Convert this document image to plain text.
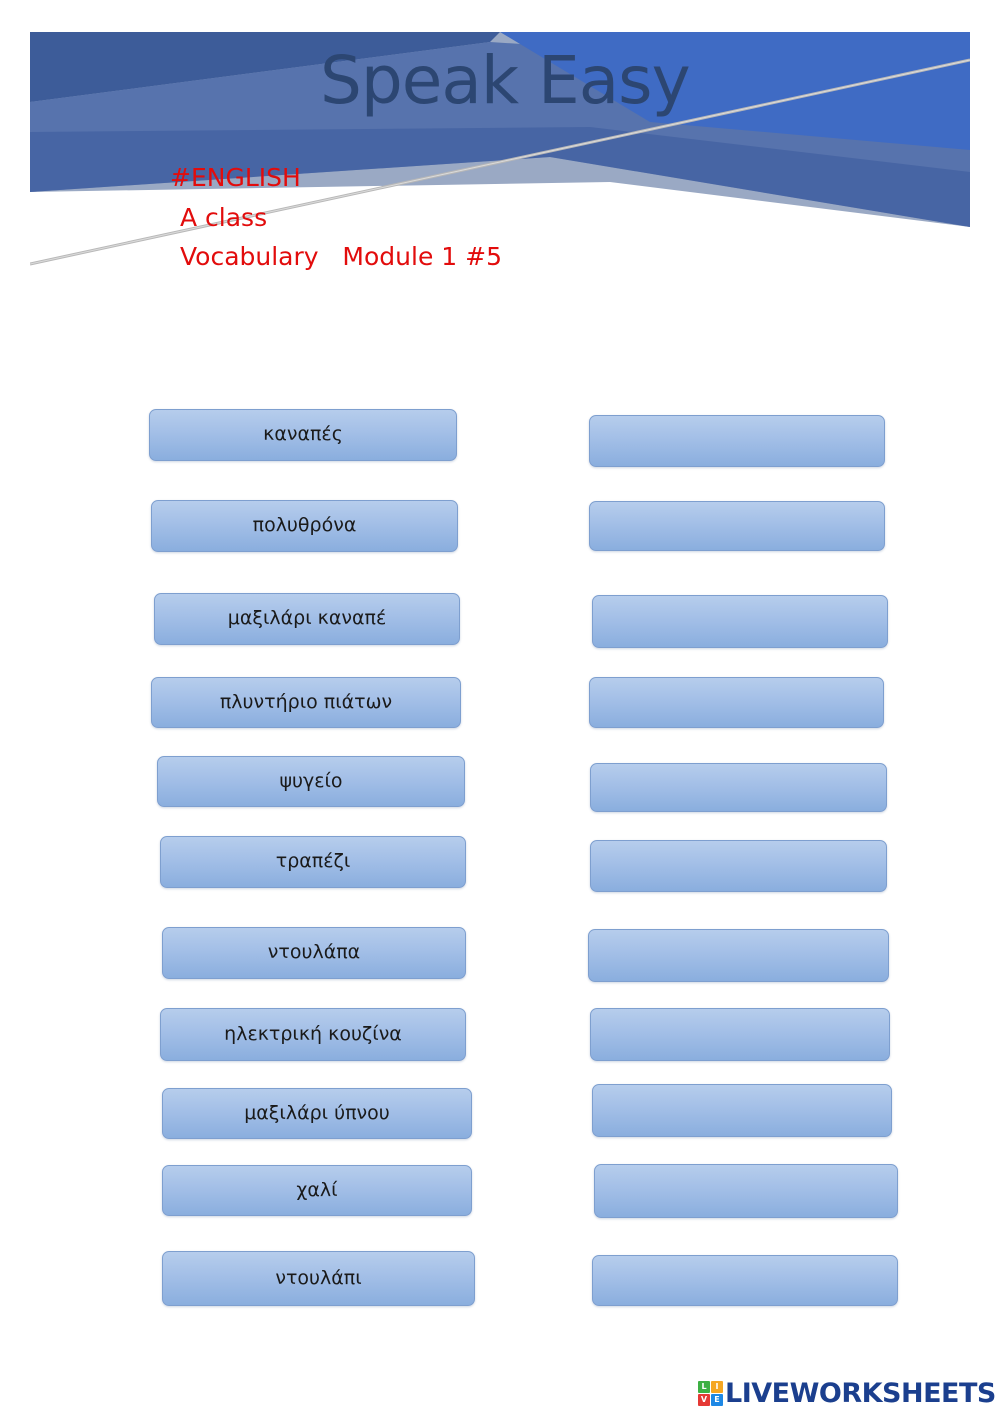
Speak Easy
#ENGLISH
A class
Vocabulary   Module 1 #5
καναπές
πολυθρόνα
μαξιλάρι καναπέ
πλυντήριο πιάτων
ψυγείο
τραπέζι
ντουλάπα
ηλεκτρική κουζίνα
μαξιλάρι ύπνου
χαλί
ντουλάπι
L	I
V E LIVEWORKSHEETS
